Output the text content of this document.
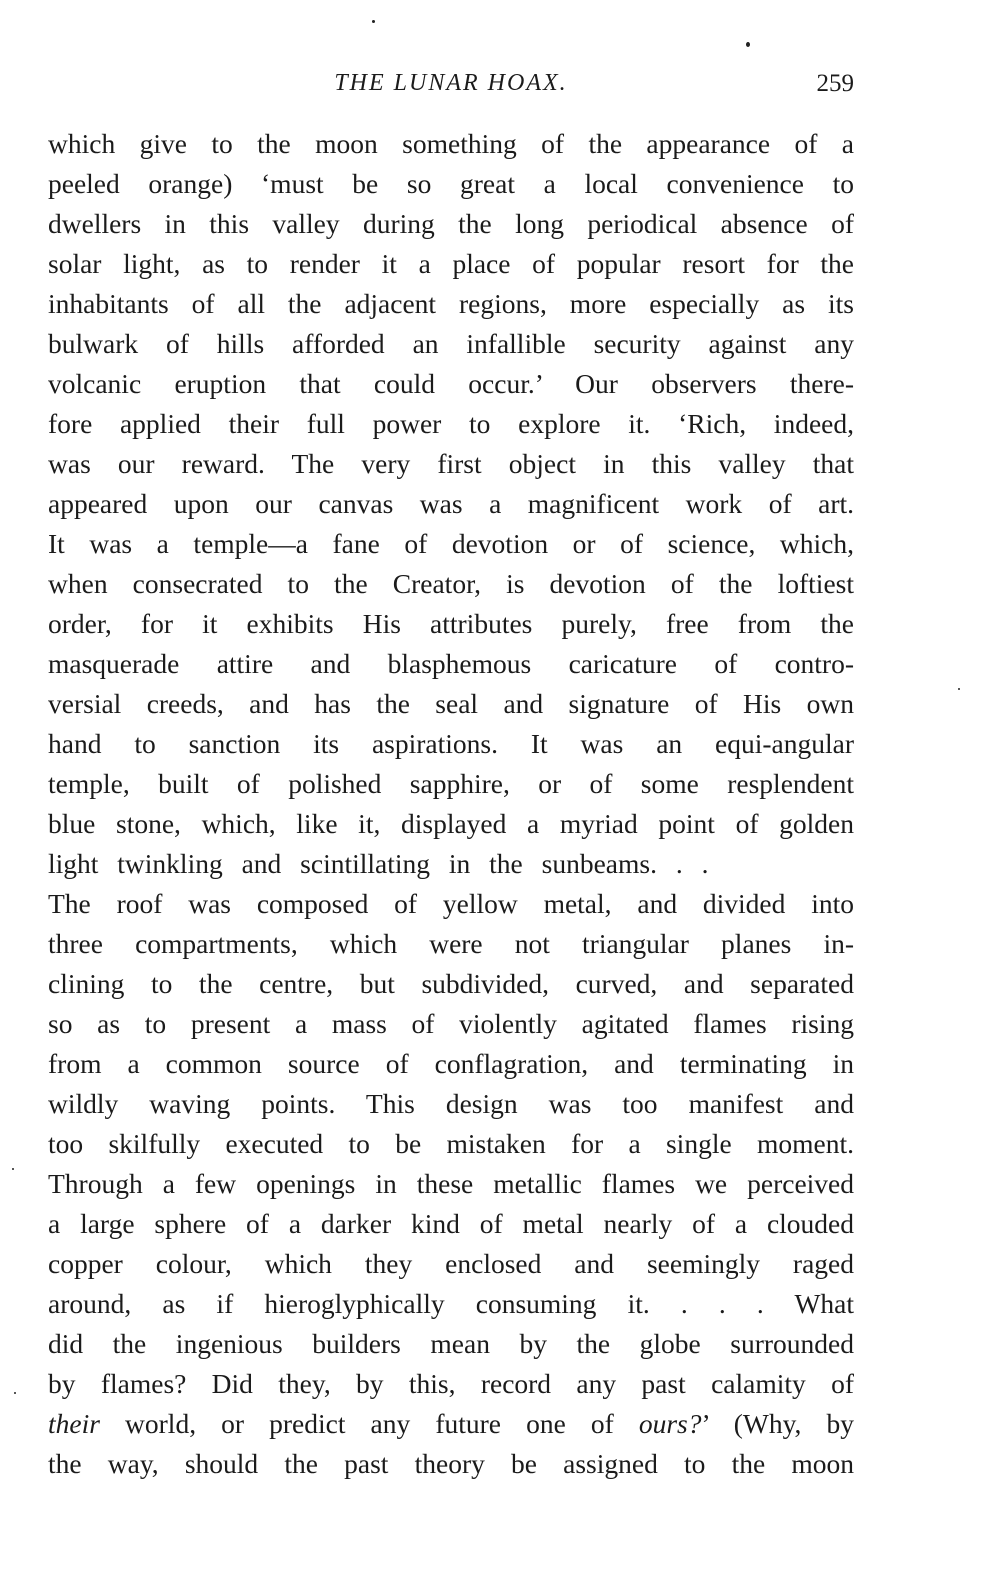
THE LUNAR HOAX.	259
which give to the moon something of the appearance of a
peeled orange) ‘must be so great a local convenience to
dwellers in this valley during the long periodical absence of
solar light, as to render it a place of popular resort for the
inhabitants of all the adjacent regions, more especially as its
bulwark of hills afforded an infallible security against any
volcanic eruption that could occur.’ Our observers there-
fore applied their full power to explore it. ‘Rich, indeed,
was our reward. The very first object in this valley that
appeared upon our canvas was a magnificent work of art.
It was a temple—a fane of devotion or of science, which,
when consecrated to the Creator, is devotion of the loftiest
order, for it exhibits His attributes purely, free from the
masquerade attire and blasphemous caricature of contro-
versial creeds, and has the seal and signature of His own
hand to sanction its aspirations. It was an equi-angular
temple, built of polished sapphire, or of some resplendent
blue stone, which, like it, displayed a myriad point of golden
light twinkling and scintillating in the sunbeams. . .
The roof was composed of yellow metal, and divided into
three compartments, which were not triangular planes in-
clining to the centre, but subdivided, curved, and separated
so as to present a mass of violently agitated flames rising
from a common source of conflagration, and terminating in
wildly waving points. This design was too manifest and
too skilfully executed to be mistaken for a single moment.
Through a few openings in these metallic flames we perceived
a large sphere of a darker kind of metal nearly of a clouded
copper colour, which they enclosed and seemingly raged
around, as if hieroglyphically consuming it. . . . What
did the ingenious builders mean by the globe surrounded
by flames? Did they, by this, record any past calamity of
their world, or predict any future one of ours?’ (Why, by
the way, should the past theory be assigned to the moon
